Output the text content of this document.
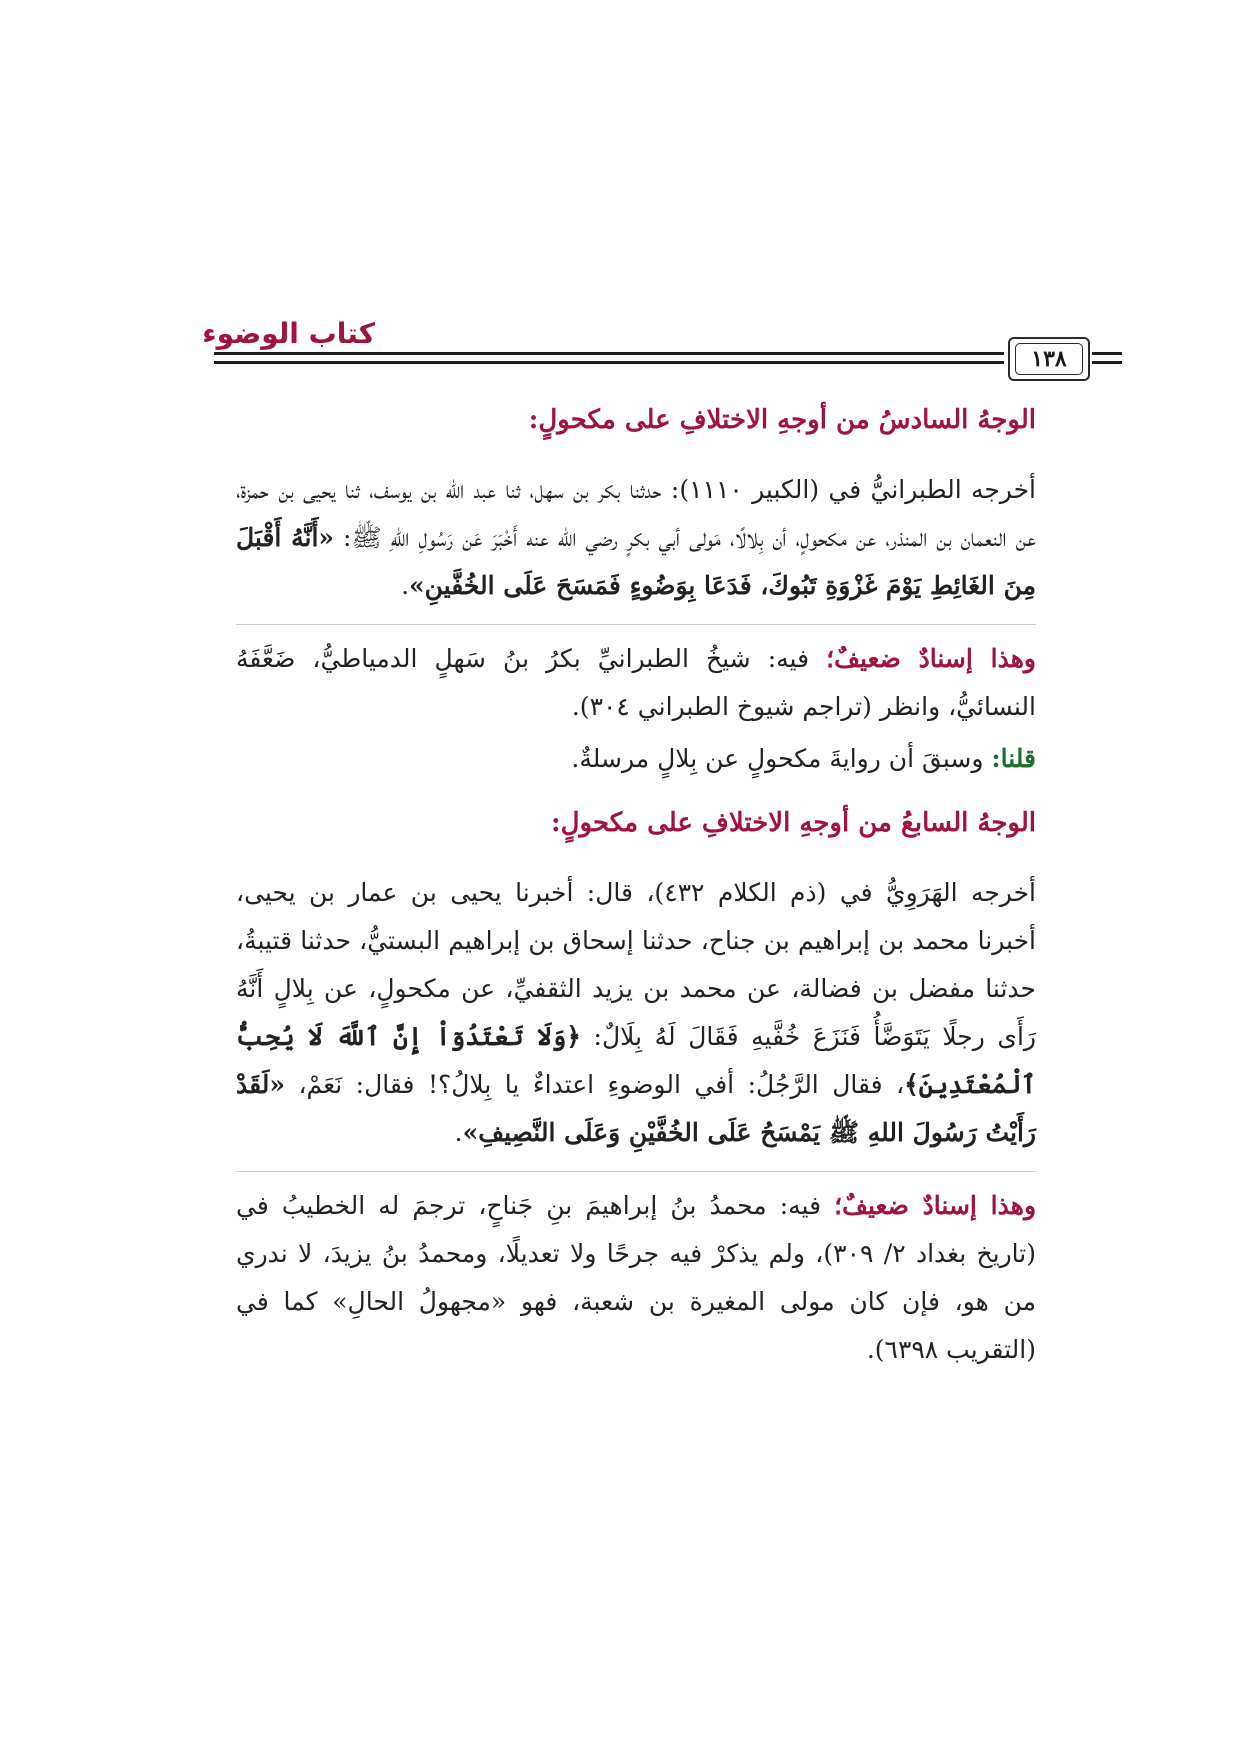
كتاب الوضوء
١٣٨
الوجهُ السادسُ من أوجهِ الاختلافِ على مكحولٍ:

أخرجه الطبرانيُّ في (الكبير ١١١٠): حدثنا بكر بن سهل، ثنا عبد الله بن يوسف، ثنا يحيى بن حمزة، عن النعمان بن المنذر، عن مكحولٍ، أن بِلالًا، مَولى أبي بكرٍ رضي الله عنه أَخْبَرَ عَن رَسُولِ اللهِ ﷺ: «أَنَّهُ أَقْبَلَ مِنَ الغَائِطِ يَوْمَ غَزْوَةِ تَبُوكَ، فَدَعَا بِوَضُوءٍ فَمَسَحَ عَلَى الخُفَّينِ».

وهذا إسنادٌ ضعيفٌ؛ فيه: شيخُ الطبرانيِّ بكرُ بنُ سَهلٍ الدمياطيُّ، ضَعَّفَهُ النسائيُّ، وانظر (تراجم شيوخ الطبراني ٣٠٤).

قلنا: وسبقَ أن روايةَ مكحولٍ عن بِلالٍ مرسلةٌ.

الوجهُ السابعُ من أوجهِ الاختلافِ على مكحولٍ:

أخرجه الهَرَوِيُّ في (ذم الكلام ٤٣٢)، قال: أخبرنا يحيى بن عمار بن يحيى، أخبرنا محمد بن إبراهيم بن جناح، حدثنا إسحاق بن إبراهيم البستيُّ، حدثنا قتيبةُ، حدثنا مفضل بن فضالة، عن محمد بن يزيد الثقفيِّ، عن مكحولٍ، عن بِلالٍ أَنَّهُ رَأَى رجلًا يَتَوَضَّأُ فَنَزَعَ خُفَّيهِ فَقَالَ لَهُ بِلَالٌ: ﴿وَلَا تَعْتَدُوٓاْ إِنَّ ٱللَّهَ لَا يُحِبُّ ٱلْمُعْتَدِينَ﴾، فقال الرَّجُلُ: أفي الوضوءِ اعتداءٌ يا بِلالُ؟! فقال: نَعَمْ، «لَقَدْ رَأَيْتُ رَسُولَ اللهِ ﷺ يَمْسَحُ عَلَى الخُفَّيْنِ وَعَلَى النَّصِيفِ».

وهذا إسنادٌ ضعيفٌ؛ فيه: محمدُ بنُ إبراهيمَ بنِ جَناحٍ، ترجمَ له الخطيبُ في (تاريخ بغداد ٢/ ٣٠٩)، ولم يذكرْ فيه جرحًا ولا تعديلًا، ومحمدُ بنُ يزيدَ، لا ندري من هو، فإن كان مولى المغيرة بن شعبة، فهو «مجهولُ الحالِ» كما في (التقريب ٦٣٩٨).
